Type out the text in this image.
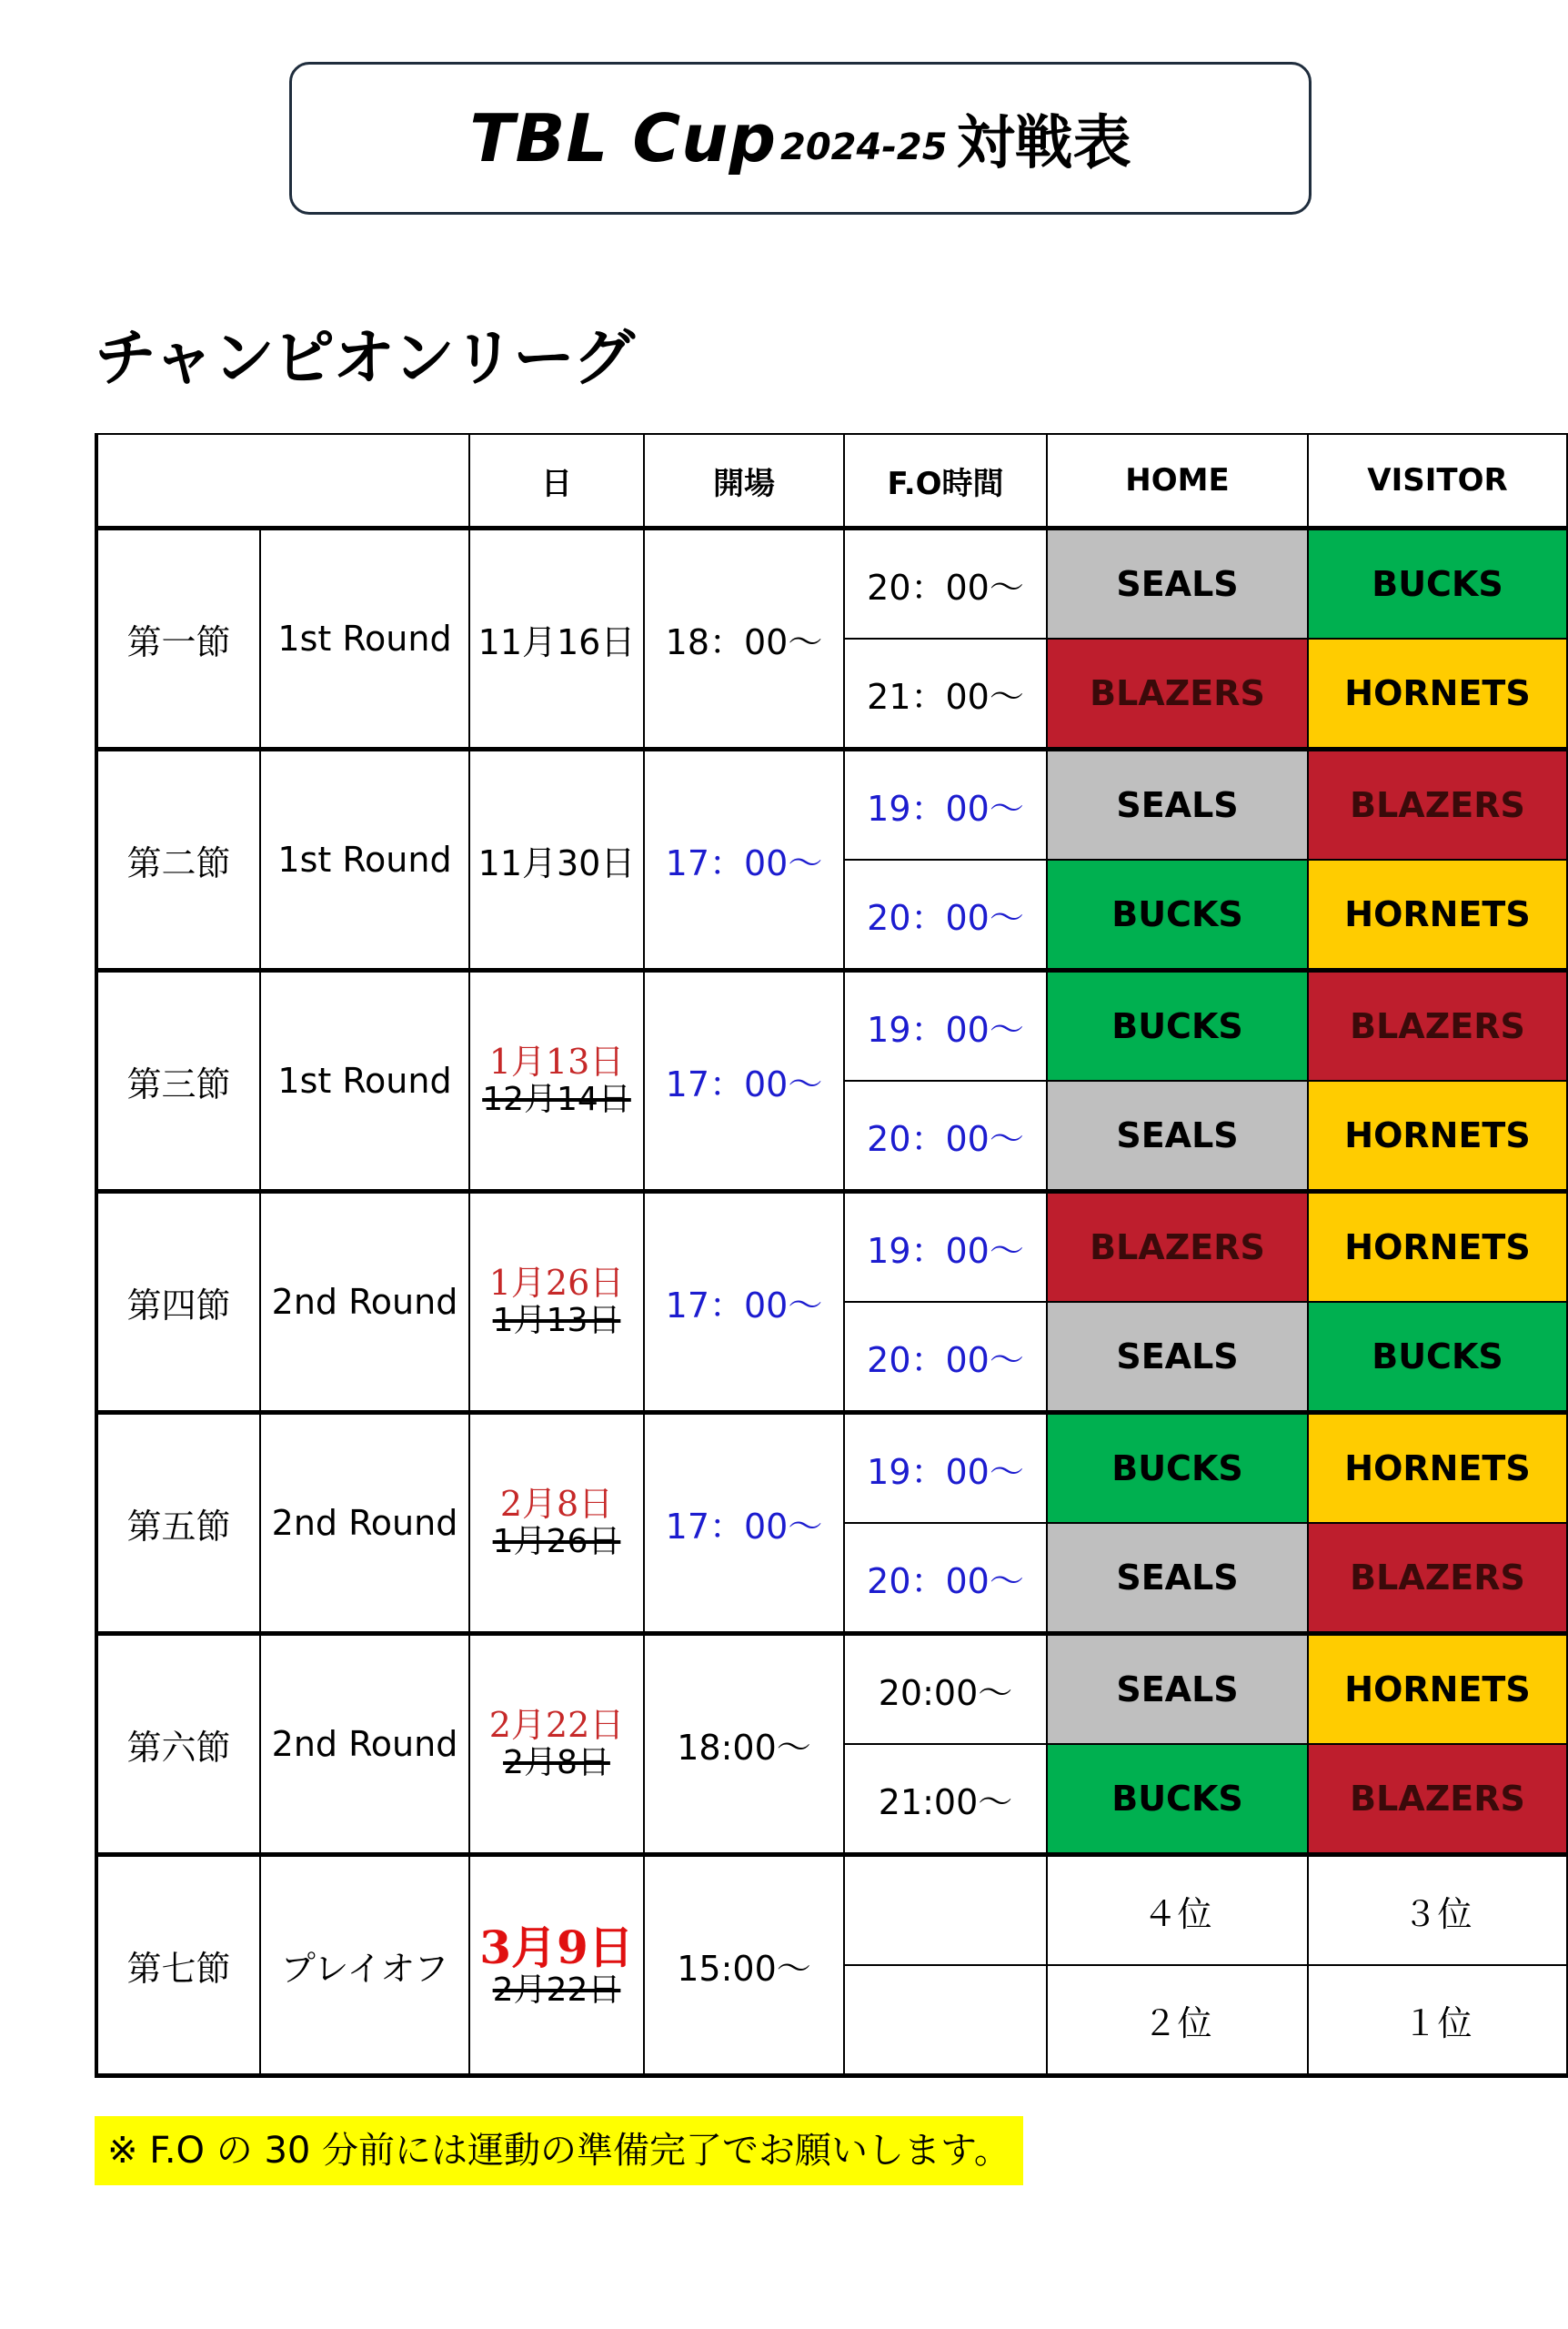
TBL Cup 2024-25 対戦表
チャンピオンリーグ
		日	開場	F.O時間	HOME	VISITOR
第一節	1st Round	11月16日	18：00～	20：00～	SEALS	BUCKS
				21：00～	BLAZERS	HORNETS
第二節	1st Round	11月30日	17：00～	19：00～	SEALS	BLAZERS
				20：00～	BUCKS	HORNETS
第三節	1st Round	1月13日
12月14日	17：00～	19：00～	BUCKS	BLAZERS
				20：00～	SEALS	HORNETS
第四節	2nd Round	1月26日
1月13日	17：00～	19：00～	BLAZERS	HORNETS
				20：00～	SEALS	BUCKS
第五節	2nd Round	2月8日
1月26日	17：00～	19：00～	BUCKS	HORNETS
				20：00～	SEALS	BLAZERS
第六節	2nd Round	2月22日
2月8日	18:00～	20:00～	SEALS	HORNETS
				21:00～	BUCKS	BLAZERS
第七節	プレイオフ	3月9日
2月22日	15:00～		４位	３位
					２位	１位
※ F.O の 30 分前には運動の準備完了でお願いします。
